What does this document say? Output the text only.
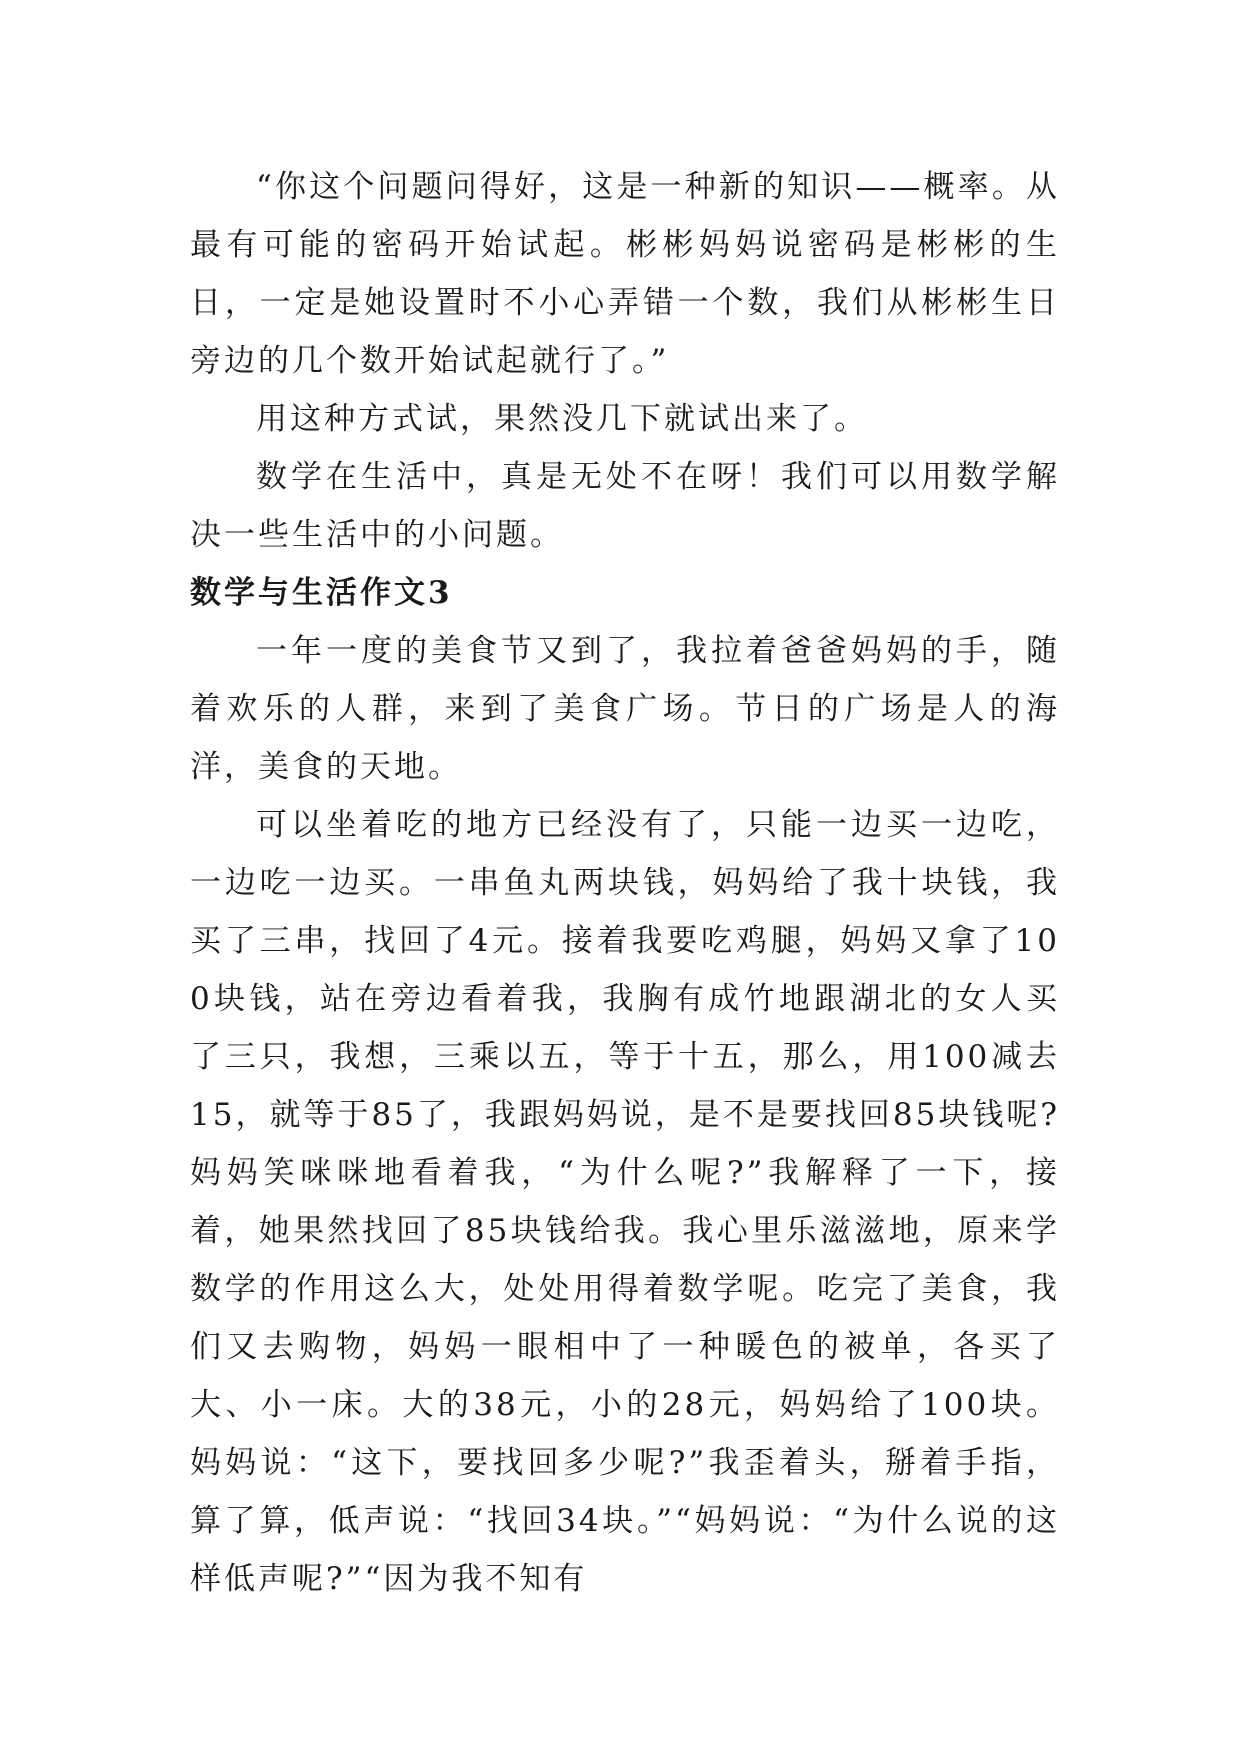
“你这个问题问得好，这是一种新的知识——概率。从最有可能的密码开始试起。彬彬妈妈说密码是彬彬的生日，一定是她设置时不小心弄错一个数，我们从彬彬生日旁边的几个数开始试起就行了。”

用这种方式试，果然没几下就试出来了。

数学在生活中，真是无处不在呀！我们可以用数学解决一些生活中的小问题。

数学与生活作文3

一年一度的美食节又到了，我拉着爸爸妈妈的手，随着欢乐的人群，来到了美食广场。节日的广场是人的海洋，美食的天地。

可以坐着吃的地方已经没有了，只能一边买一边吃，一边吃一边买。一串鱼丸两块钱，妈妈给了我十块钱，我买了三串，找回了4元。接着我要吃鸡腿，妈妈又拿了100块钱，站在旁边看着我，我胸有成竹地跟湖北的女人买了三只，我想，三乘以五，等于十五，那么，用100减去15，就等于85了，我跟妈妈说，是不是要找回85块钱呢?妈妈笑咪咪地看着我，“为什么呢?”我解释了一下，接着，她果然找回了85块钱给我。我心里乐滋滋地，原来学数学的作用这么大，处处用得着数学呢。吃完了美食，我们又去购物，妈妈一眼相中了一种暖色的被单，各买了大、小一床。大的38元，小的28元，妈妈给了100块。妈妈说：“这下，要找回多少呢?”我歪着头，掰着手指，算了算，低声说：“找回34块。”“妈妈说：“为什么说的这样低声呢?”“因为我不知有
